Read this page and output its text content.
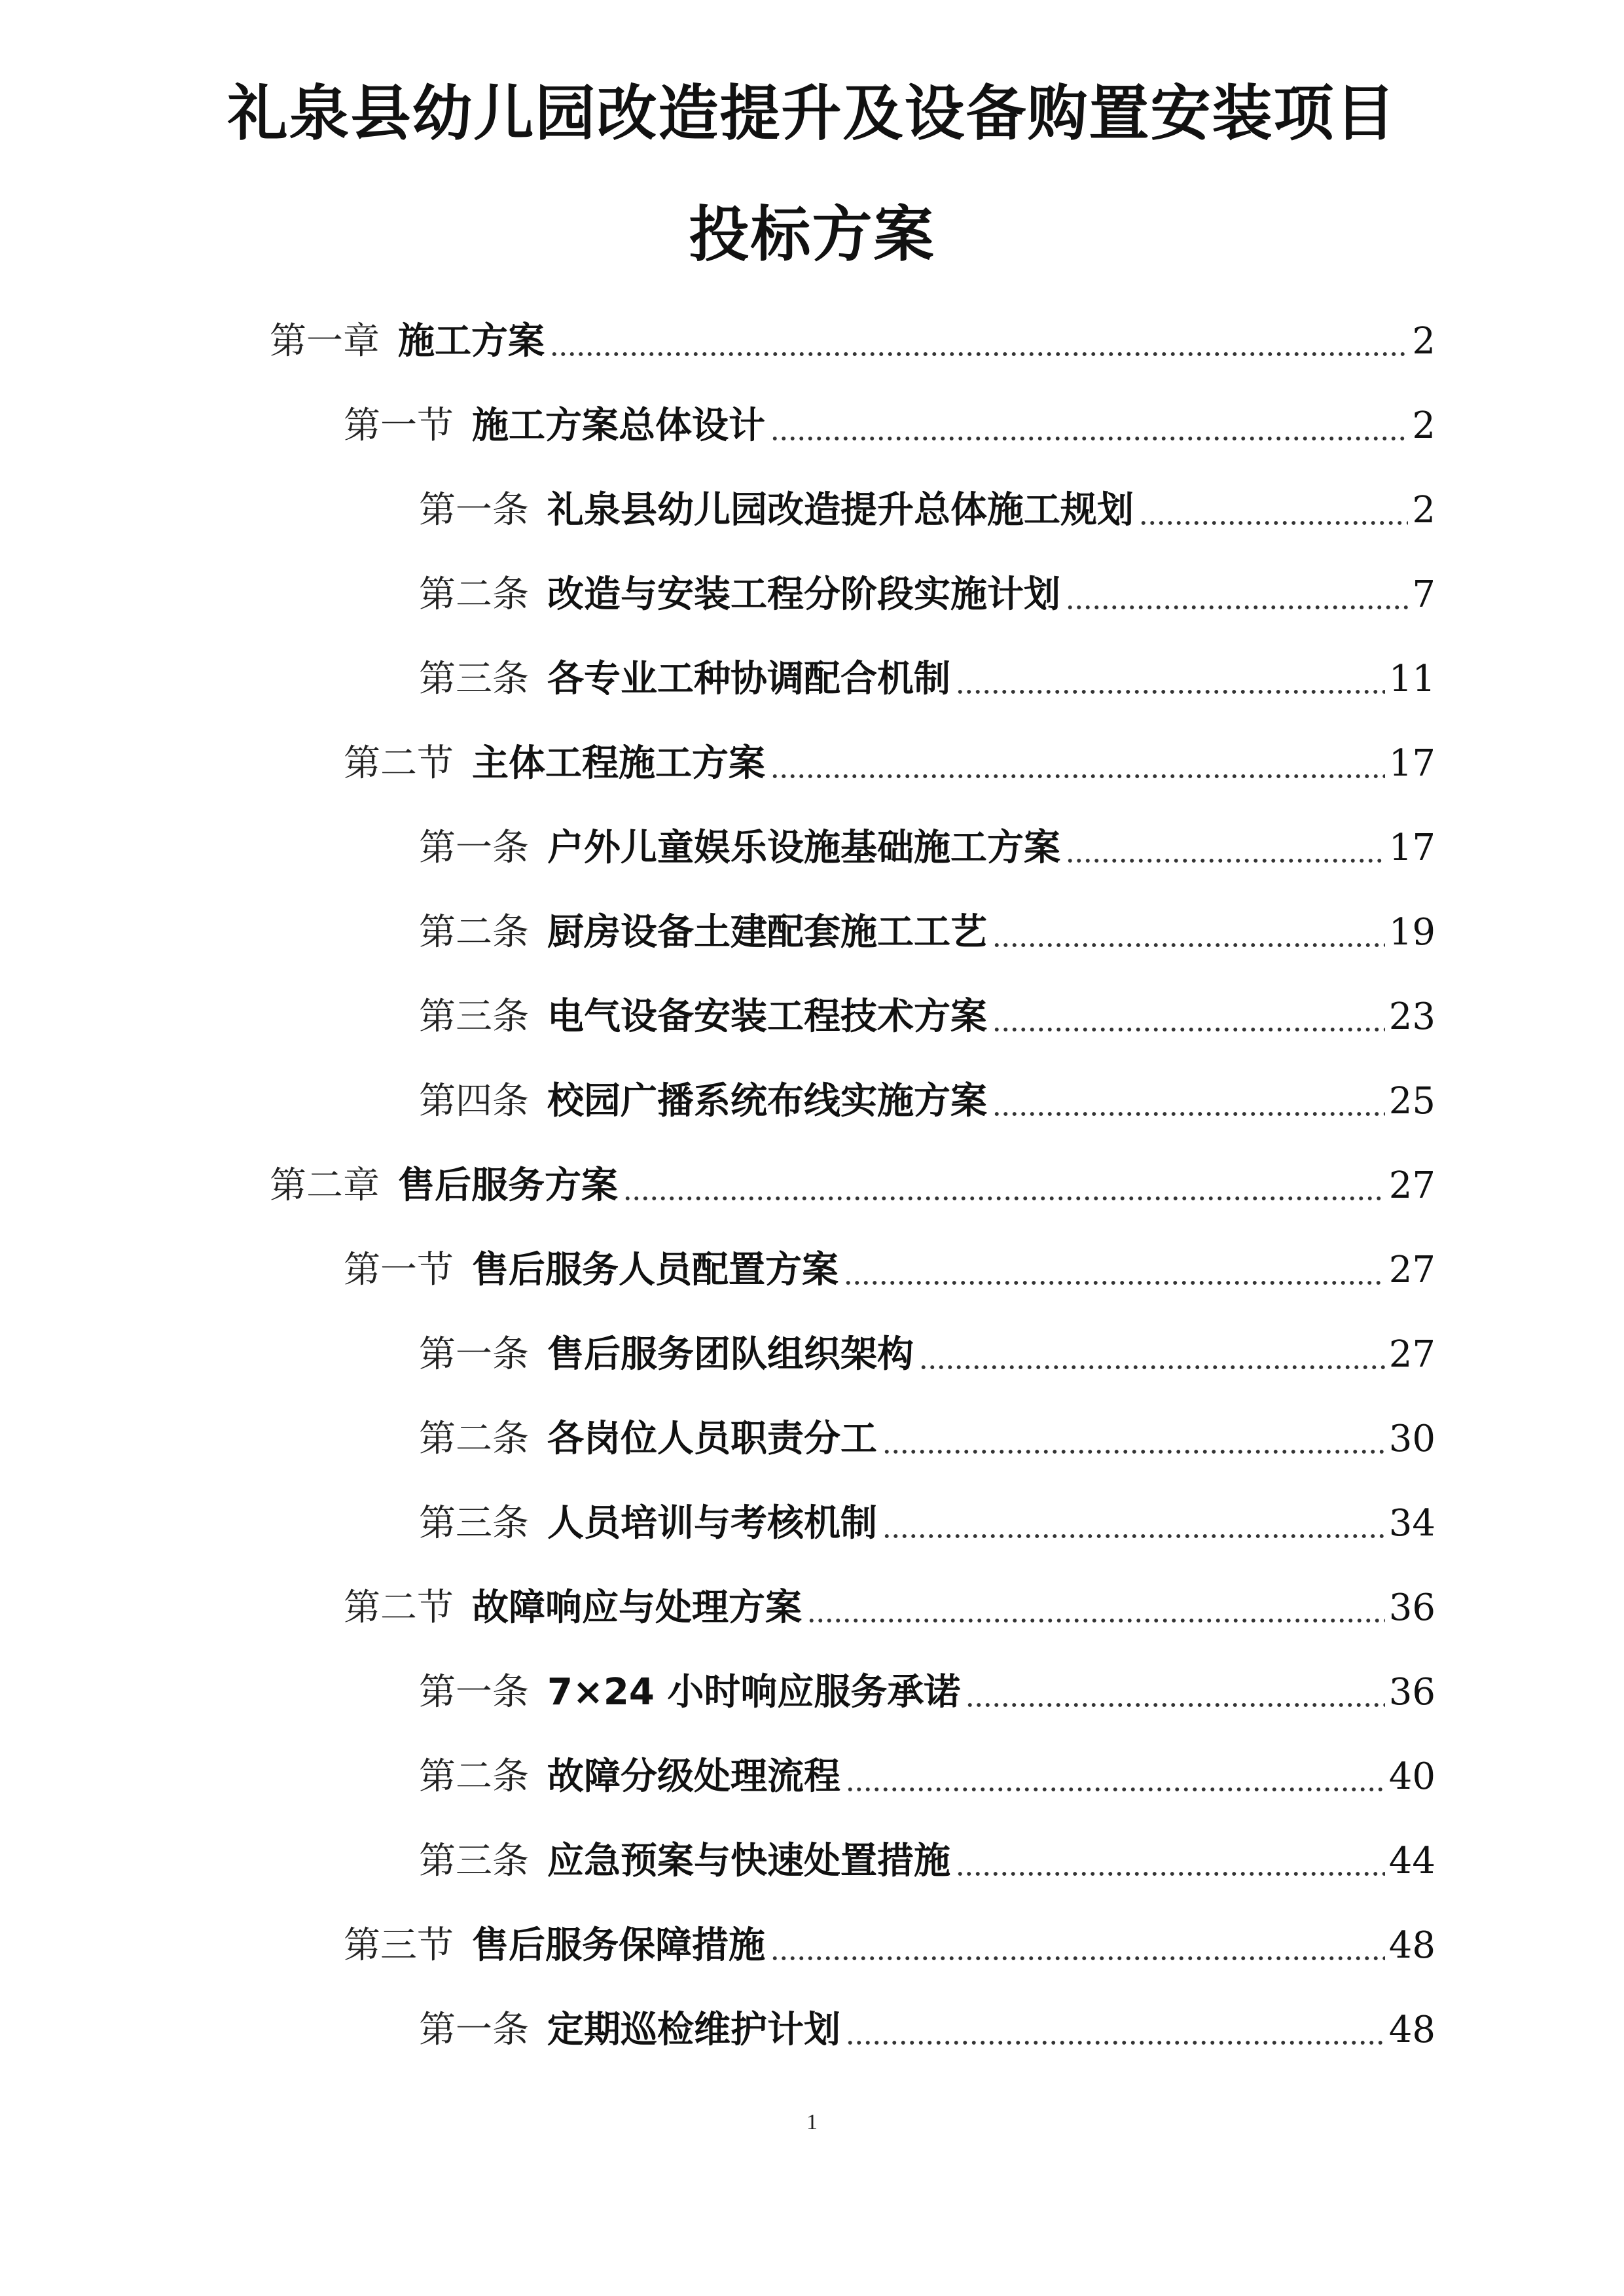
礼泉县幼儿园改造提升及设备购置安装项目
投标方案
第一章 施工方案	2
第一节 施工方案总体设计	2
第一条 礼泉县幼儿园改造提升总体施工规划	2
第二条 改造与安装工程分阶段实施计划	7
第三条 各专业工种协调配合机制	11
第二节 主体工程施工方案	17
第一条 户外儿童娱乐设施基础施工方案	17
第二条 厨房设备土建配套施工工艺	19
第三条 电气设备安装工程技术方案	23
第四条 校园广播系统布线实施方案	25
第二章 售后服务方案	27
第一节 售后服务人员配置方案	27
第一条 售后服务团队组织架构	27
第二条 各岗位人员职责分工	30
第三条 人员培训与考核机制	34
第二节 故障响应与处理方案	36
第一条 7×24 小时响应服务承诺	36
第二条 故障分级处理流程	40
第三条 应急预案与快速处置措施	44
第三节 售后服务保障措施	48
第一条 定期巡检维护计划	48
1
